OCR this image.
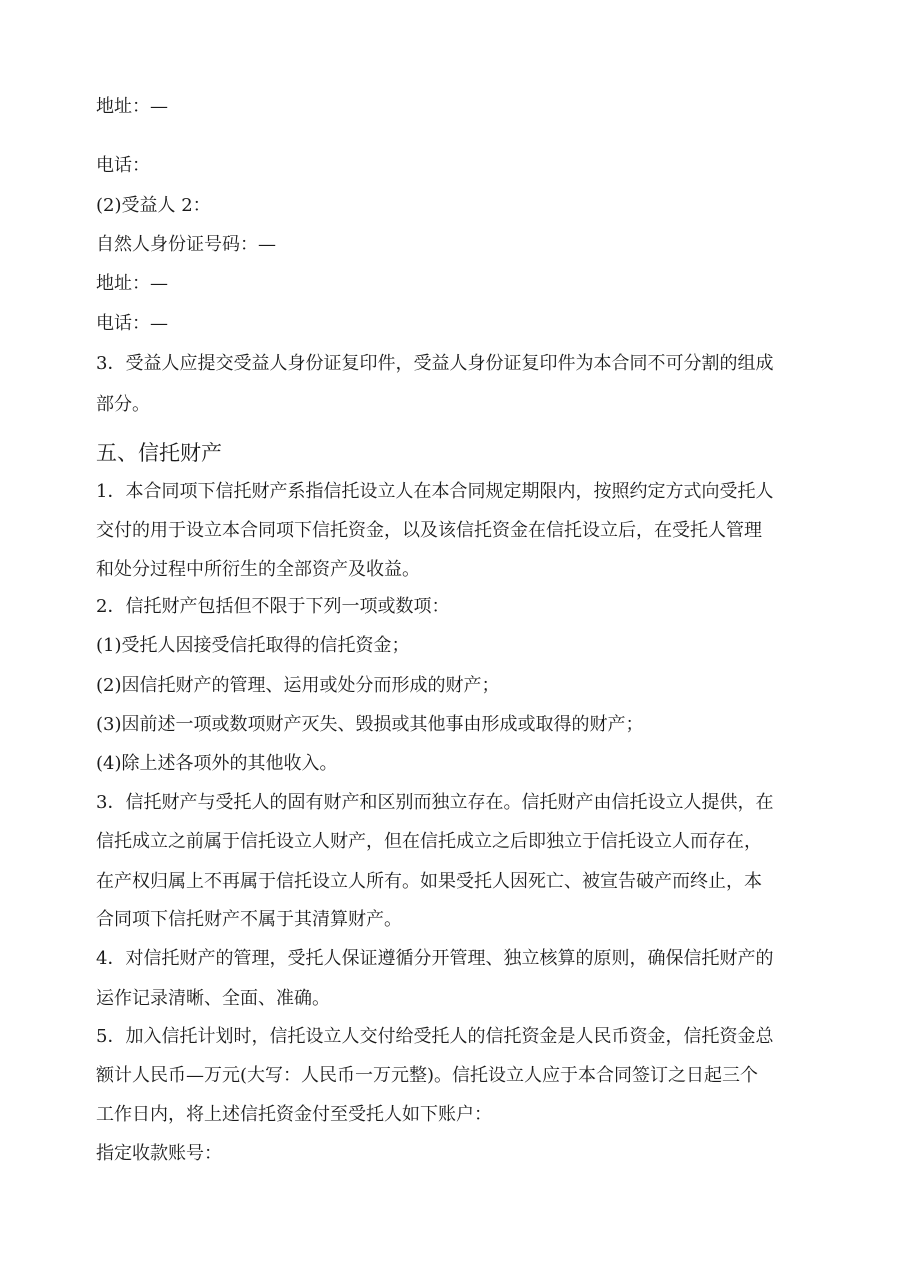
地址：—
电话：
(2)受益人 2：
自然人身份证号码：—
地址：—
电话：—
3．受益人应提交受益人身份证复印件，受益人身份证复印件为本合同不可分割的组成
部分。
五、信托财产
1．本合同项下信托财产系指信托设立人在本合同规定期限内，按照约定方式向受托人
交付的用于设立本合同项下信托资金，以及该信托资金在信托设立后，在受托人管理
和处分过程中所衍生的全部资产及收益。
2．信托财产包括但不限于下列一项或数项：
(1)受托人因接受信托取得的信托资金；
(2)因信托财产的管理、运用或处分而形成的财产；
(3)因前述一项或数项财产灭失、毁损或其他事由形成或取得的财产；
(4)除上述各项外的其他收入。
3．信托财产与受托人的固有财产和区别而独立存在。信托财产由信托设立人提供，在
信托成立之前属于信托设立人财产，但在信托成立之后即独立于信托设立人而存在，
在产权归属上不再属于信托设立人所有。如果受托人因死亡、被宣告破产而终止，本
合同项下信托财产不属于其清算财产。
4．对信托财产的管理，受托人保证遵循分开管理、独立核算的原则，确保信托财产的
运作记录清晰、全面、准确。
5．加入信托计划时，信托设立人交付给受托人的信托资金是人民币资金，信托资金总
额计人民币—万元(大写：人民币一万元整)。信托设立人应于本合同签订之日起三个
工作日内，将上述信托资金付至受托人如下账户：
指定收款账号：
